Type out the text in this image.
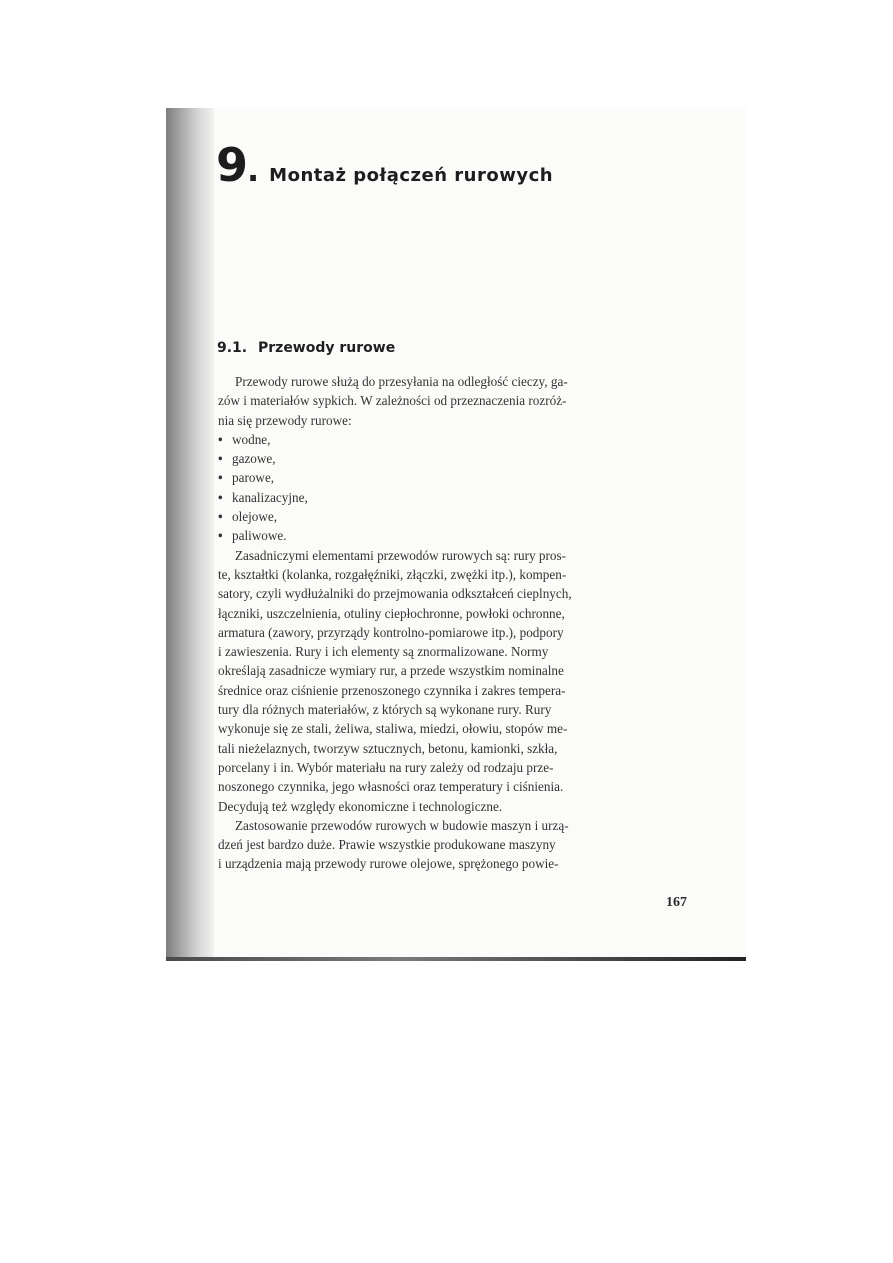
9 . Montaż połączeń rurowych
9.1. Przewody rurowe
Przewody rurowe służą do przesyłania na odległość cieczy, ga-
zów i materiałów sypkich. W zależności od przeznaczenia rozróż-
nia się przewody rurowe:
• wodne,
• gazowe,
• parowe,
• kanalizacyjne,
• olejowe,
• paliwowe.
Zasadniczymi elementami przewodów rurowych są: rury pros-
te, kształtki (kolanka, rozgałęźniki, złączki, zwężki itp.), kompen-
satory, czyli wydłużalniki do przejmowania odkształceń cieplnych,
łączniki, uszczelnienia, otuliny ciepłochronne, powłoki ochronne,
armatura (zawory, przyrządy kontrolno-pomiarowe itp.), podpory
i zawieszenia. Rury i ich elementy są znormalizowane. Normy
określają zasadnicze wymiary rur, a przede wszystkim nominalne
średnice oraz ciśnienie przenoszonego czynnika i zakres tempera-
tury dla różnych materiałów, z których są wykonane rury. Rury
wykonuje się ze stali, żeliwa, staliwa, miedzi, ołowiu, stopów me-
tali nieżelaznych, tworzyw sztucznych, betonu, kamionki, szkła,
porcelany i in. Wybór materiału na rury zależy od rodzaju prze-
noszonego czynnika, jego własności oraz temperatury i ciśnienia.
Decydują też względy ekonomiczne i technologiczne.
Zastosowanie przewodów rurowych w budowie maszyn i urzą-
dzeń jest bardzo duże. Prawie wszystkie produkowane maszyny
i urządzenia mają przewody rurowe olejowe, sprężonego powie-
167
